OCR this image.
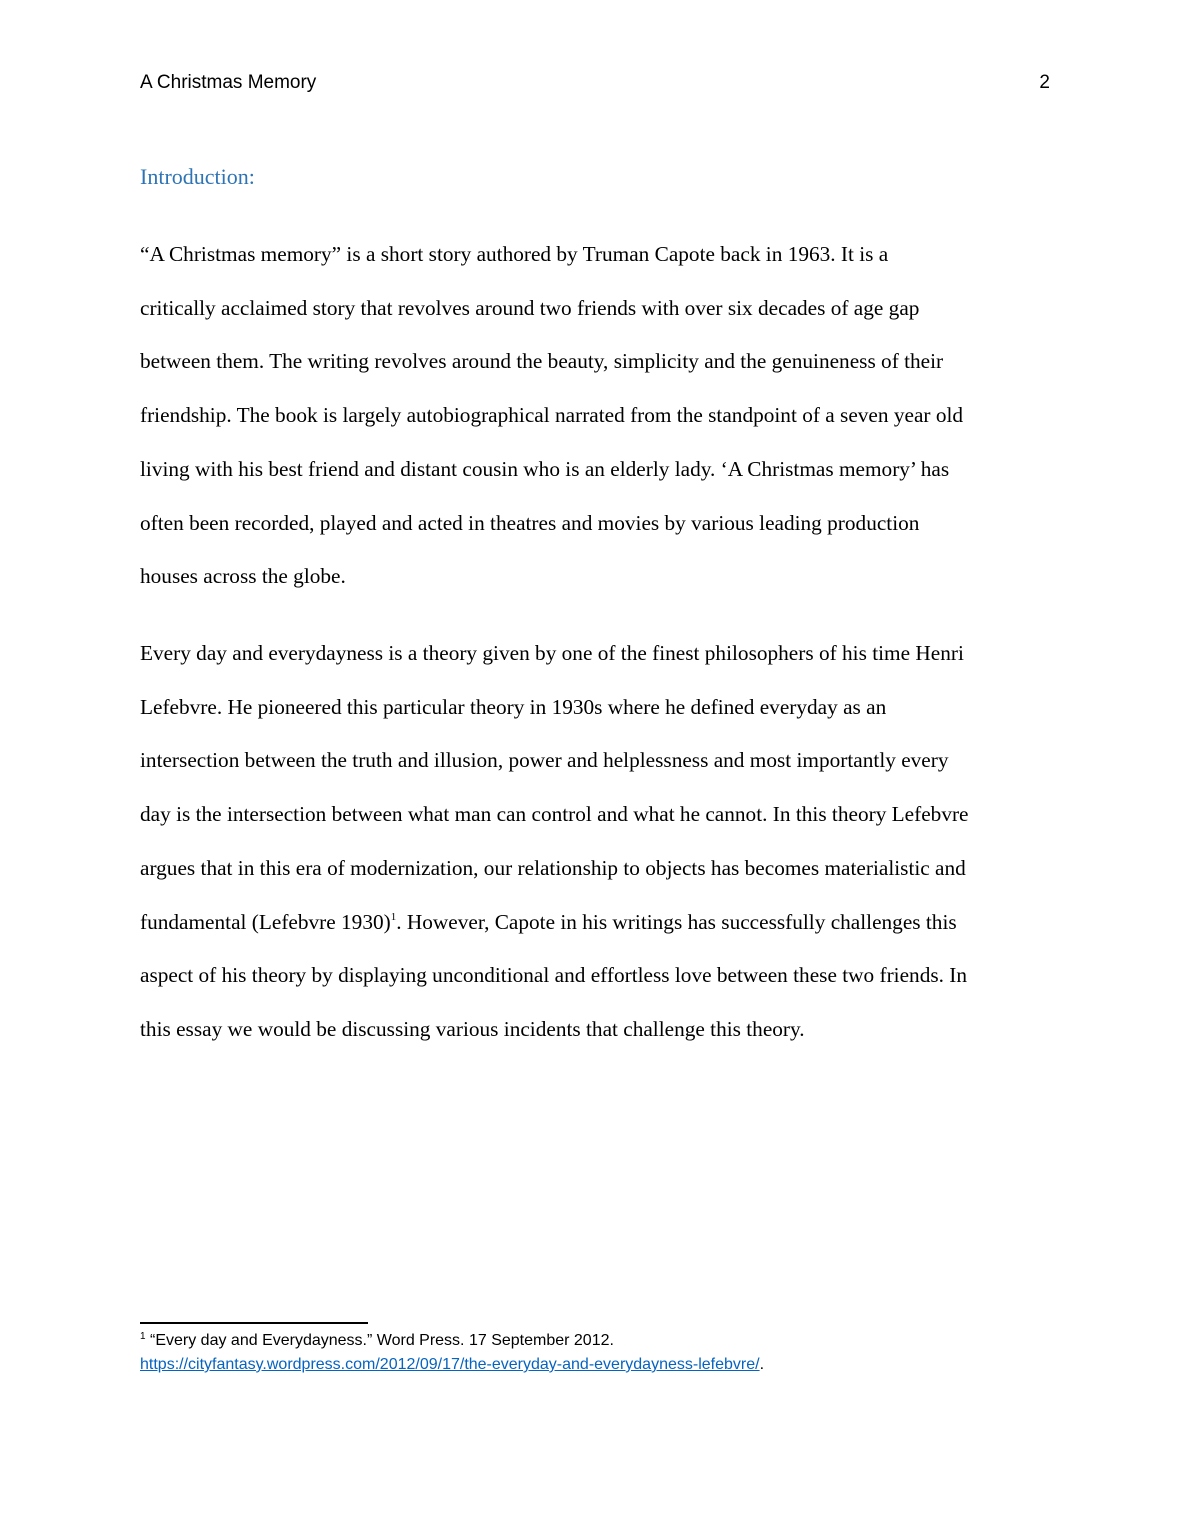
A Christmas Memory	2
Introduction:

“A Christmas memory” is a short story authored by Truman Capote back in 1963. It is a
critically acclaimed story that revolves around two friends with over six decades of age gap
between them. The writing revolves around the beauty, simplicity and the genuineness of their
friendship. The book is largely autobiographical narrated from the standpoint of a seven year old
living with his best friend and distant cousin who is an elderly lady. ‘A Christmas memory’ has
often been recorded, played and acted in theatres and movies by various leading production
houses across the globe.

Every day and everydayness is a theory given by one of the finest philosophers of his time Henri
Lefebvre. He pioneered this particular theory in 1930s where he defined everyday as an
intersection between the truth and illusion, power and helplessness and most importantly every
day is the intersection between what man can control and what he cannot. In this theory Lefebvre
argues that in this era of modernization, our relationship to objects has becomes materialistic and
fundamental (Lefebvre 1930)$^1$. However, Capote in his writings has successfully challenges this
aspect of his theory by displaying unconditional and effortless love between these two friends. In
this essay we would be discussing various incidents that challenge this theory.

$^1$ “Every day and Everydayness.” Word Press. 17 September 2012.
https://cityfantasy.wordpress.com/2012/09/17/the-everyday-and-everydayness-lefebvre/.
